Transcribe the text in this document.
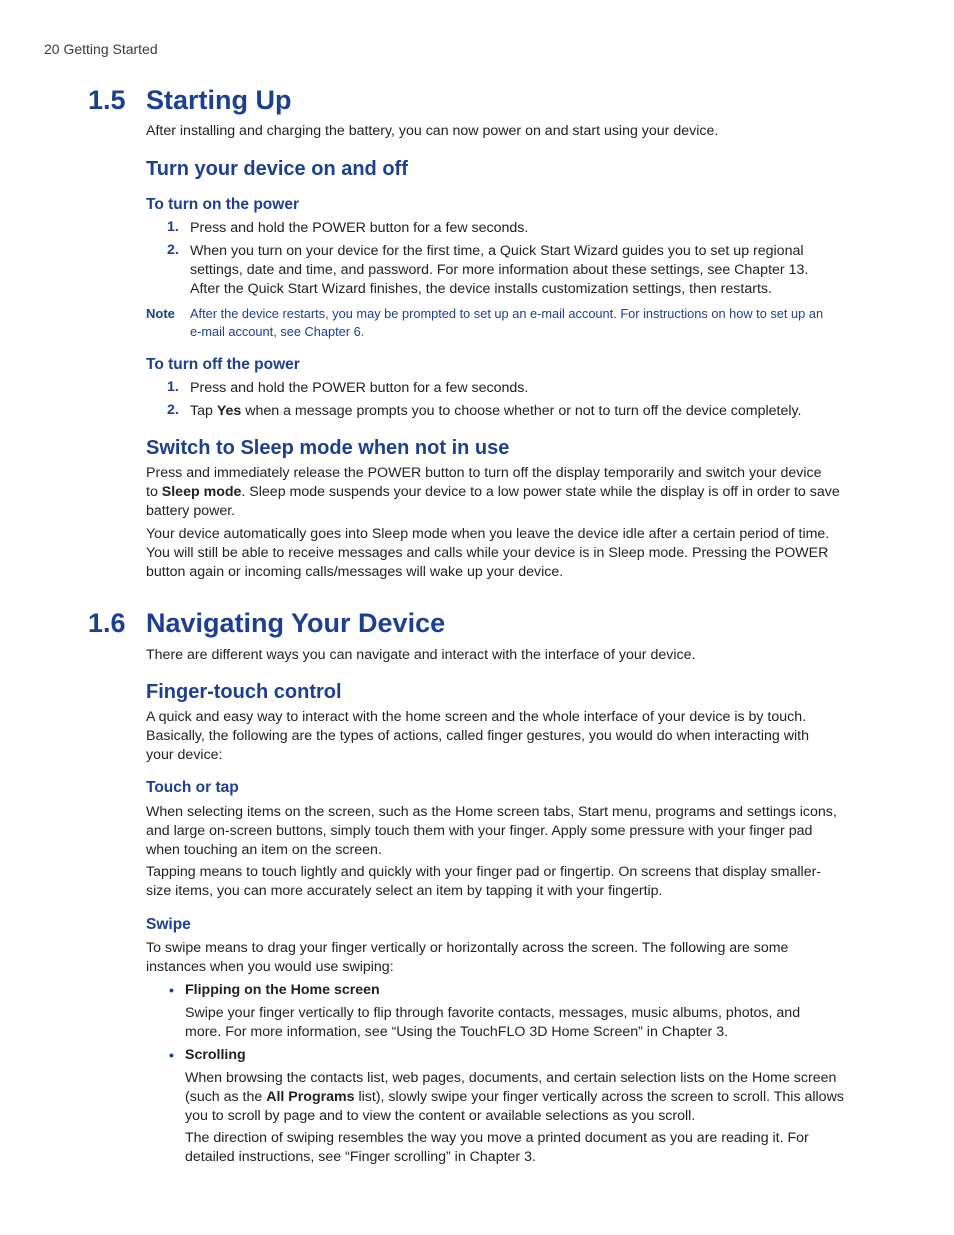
20 Getting Started
1.5 Starting Up
After installing and charging the battery, you can now power on and start using your device.
Turn your device on and off
To turn on the power
1. Press and hold the POWER button for a few seconds.
2. When you turn on your device for the first time, a Quick Start Wizard guides you to set up regional
settings, date and time, and password. For more information about these settings, see Chapter 13.
After the Quick Start Wizard finishes, the device installs customization settings, then restarts.
Note After the device restarts, you may be prompted to set up an e-mail account. For instructions on how to set up an
e-mail account, see Chapter 6.
To turn off the power
1. Press and hold the POWER button for a few seconds.
2. Tap Yes when a message prompts you to choose whether or not to turn off the device completely.
Switch to Sleep mode when not in use
Press and immediately release the POWER button to turn off the display temporarily and switch your device
to Sleep mode. Sleep mode suspends your device to a low power state while the display is off in order to save
battery power.
Your device automatically goes into Sleep mode when you leave the device idle after a certain period of time.
You will still be able to receive messages and calls while your device is in Sleep mode. Pressing the POWER
button again or incoming calls/messages will wake up your device.
1.6 Navigating Your Device
There are different ways you can navigate and interact with the interface of your device.
Finger-touch control
A quick and easy way to interact with the home screen and the whole interface of your device is by touch.
Basically, the following are the types of actions, called finger gestures, you would do when interacting with
your device:
Touch or tap
When selecting items on the screen, such as the Home screen tabs, Start menu, programs and settings icons,
and large on-screen buttons, simply touch them with your finger. Apply some pressure with your finger pad
when touching an item on the screen.
Tapping means to touch lightly and quickly with your finger pad or fingertip. On screens that display smaller-
size items, you can more accurately select an item by tapping it with your fingertip.
Swipe
To swipe means to drag your finger vertically or horizontally across the screen. The following are some
instances when you would use swiping:
• Flipping on the Home screen
Swipe your finger vertically to flip through favorite contacts, messages, music albums, photos, and
more. For more information, see “Using the TouchFLO 3D Home Screen” in Chapter 3.
• Scrolling
When browsing the contacts list, web pages, documents, and certain selection lists on the Home screen
(such as the All Programs list), slowly swipe your finger vertically across the screen to scroll. This allows
you to scroll by page and to view the content or available selections as you scroll.
The direction of swiping resembles the way you move a printed document as you are reading it. For
detailed instructions, see “Finger scrolling” in Chapter 3.
